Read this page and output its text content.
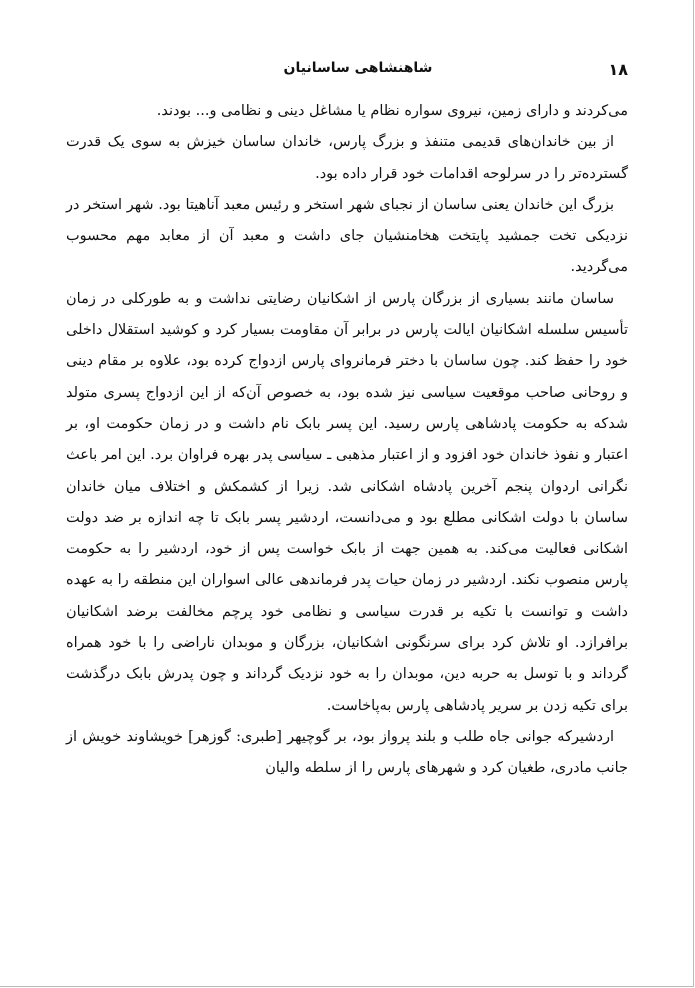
۱۸
شاهنشاهی ساسانیان

می‌کردند و دارای زمین، نیروی سواره نظام یا مشاغل دینی و نظامی و... بودند.

از بین خاندان‌های قدیمی متنفذ و بزرگ پارس، خاندان ساسان خیزش به سوی یک قدرت گسترده‌تر را در سرلوحه اقدامات خود قرار داده بود.

بزرگ این خاندان یعنی ساسان از نجبای شهر استخر و رئیس معبد آناهیتا بود. شهر استخر در نزدیکی تخت جمشید پایتخت هخامنشیان جای داشت و معبد آن از معابد مهم محسوب می‌گردید.

ساسان مانند بسیاری از بزرگان پارس از اشکانیان رضایتی نداشت و به طورکلی در زمان تأسیس سلسله اشکانیان ایالت پارس در برابر آن مقاومت بسیار کرد و کوشید استقلال داخلی خود را حفظ کند. چون ساسان با دختر فرمانروای پارس ازدواج کرده بود، علاوه بر مقام دینی و روحانی صاحب موقعیت سیاسی نیز شده بود، به خصوص آن‌که از این ازدواج پسری متولد شدکه به حکومت پادشاهی پارس رسید. این پسر بابک نام داشت و در زمان حکومت او، بر اعتبار و نفوذ خاندان خود افزود و از اعتبار مذهبی ـ سیاسی پدر بهره فراوان برد. این امر باعث نگرانی اردوان پنجم آخرین پادشاه اشکانی شد. زیرا از کشمکش و اختلاف میان خاندان ساسان با دولت اشکانی مطلع بود و می‌دانست، اردشیر پسر بابک تا چه اندازه بر ضد دولت اشکانی فعالیت می‌کند. به همین جهت از بابک خواست پس از خود، اردشیر را به حکومت پارس منصوب نکند. اردشیر در زمان حیات پدر فرماندهی عالی اسواران این منطقه را به عهده داشت و توانست با تکیه بر قدرت سیاسی و نظامی خود پرچم مخالفت برضد اشکانیان برافرازد. او تلاش کرد برای سرنگونی اشکانیان، بزرگان و موبدان ناراضی را با خود همراه گرداند و با توسل به حربه دین، موبدان را به خود نزدیک گرداند و چون پدرش بابک درگذشت برای تکیه زدن بر سریر پادشاهی پارس به‌پاخاست.

اردشیرکه جوانی جاه طلب و بلند پرواز بود، بر گوچیهر [طبری: گوزهر] خویشاوند خویش از جانب مادری، طغیان کرد و شهرهای پارس را از سلطه والیان
